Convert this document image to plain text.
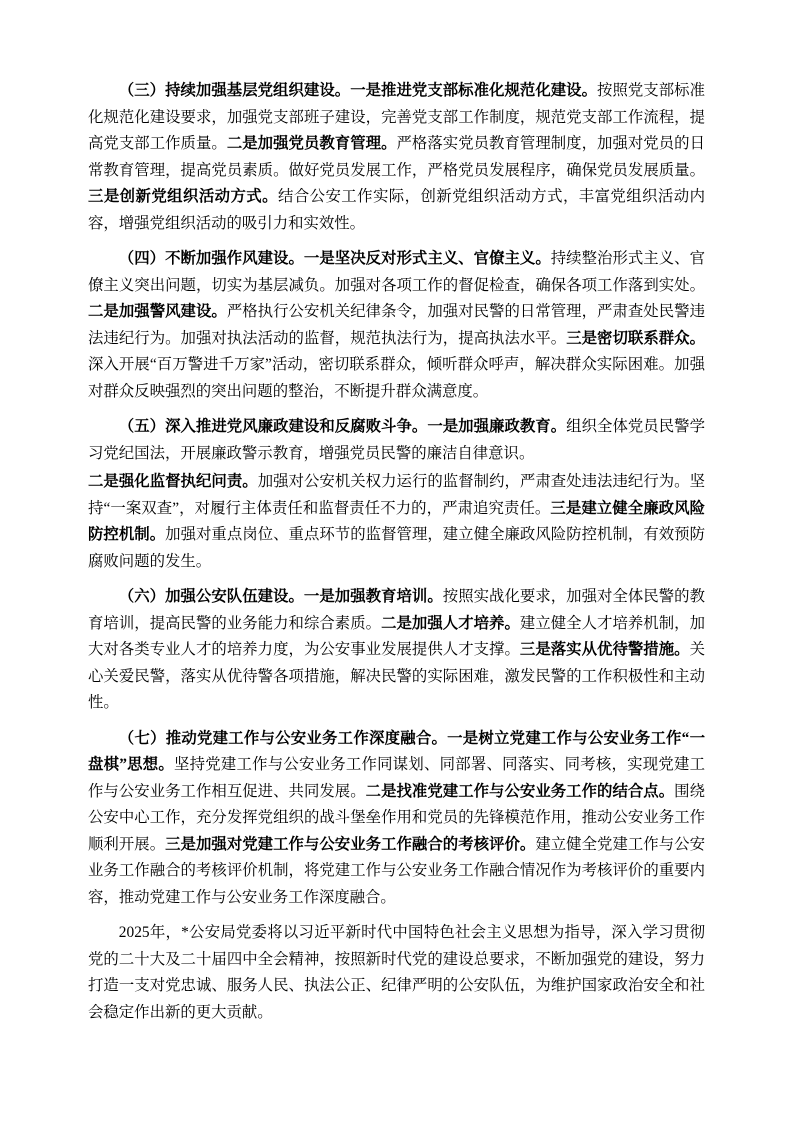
（三）持续加强基层党组织建设。一是推进党支部标准化规范化建设。按照党支部标准化规范化建设要求，加强党支部班子建设，完善党支部工作制度，规范党支部工作流程，提高党支部工作质量。二是加强党员教育管理。严格落实党员教育管理制度，加强对党员的日常教育管理，提高党员素质。做好党员发展工作，严格党员发展程序，确保党员发展质量。三是创新党组织活动方式。结合公安工作实际，创新党组织活动方式，丰富党组织活动内容，增强党组织活动的吸引力和实效性。

（四）不断加强作风建设。一是坚决反对形式主义、官僚主义。持续整治形式主义、官僚主义突出问题，切实为基层减负。加强对各项工作的督促检查，确保各项工作落到实处。二是加强警风建设。严格执行公安机关纪律条令，加强对民警的日常管理，严肃查处民警违法违纪行为。加强对执法活动的监督，规范执法行为，提高执法水平。三是密切联系群众。深入开展“百万警进千万家”活动，密切联系群众，倾听群众呼声，解决群众实际困难。加强对群众反映强烈的突出问题的整治，不断提升群众满意度。

（五）深入推进党风廉政建设和反腐败斗争。一是加强廉政教育。组织全体党员民警学习党纪国法，开展廉政警示教育，增强党员民警的廉洁自律意识。

二是强化监督执纪问责。加强对公安机关权力运行的监督制约，严肃查处违法违纪行为。坚持“一案双查”，对履行主体责任和监督责任不力的，严肃追究责任。三是建立健全廉政风险防控机制。加强对重点岗位、重点环节的监督管理，建立健全廉政风险防控机制，有效预防腐败问题的发生。

（六）加强公安队伍建设。一是加强教育培训。按照实战化要求，加强对全体民警的教育培训，提高民警的业务能力和综合素质。二是加强人才培养。建立健全人才培养机制，加大对各类专业人才的培养力度，为公安事业发展提供人才支撑。三是落实从优待警措施。关心关爱民警，落实从优待警各项措施，解决民警的实际困难，激发民警的工作积极性和主动性。

（七）推动党建工作与公安业务工作深度融合。一是树立党建工作与公安业务工作“一盘棋”思想。坚持党建工作与公安业务工作同谋划、同部署、同落实、同考核，实现党建工作与公安业务工作相互促进、共同发展。二是找准党建工作与公安业务工作的结合点。围绕公安中心工作，充分发挥党组织的战斗堡垒作用和党员的先锋模范作用，推动公安业务工作顺利开展。三是加强对党建工作与公安业务工作融合的考核评价。建立健全党建工作与公安业务工作融合的考核评价机制，将党建工作与公安业务工作融合情况作为考核评价的重要内容，推动党建工作与公安业务工作深度融合。

2025年，*公安局党委将以习近平新时代中国特色社会主义思想为指导，深入学习贯彻党的二十大及二十届四中全会精神，按照新时代党的建设总要求，不断加强党的建设，努力打造一支对党忠诚、服务人民、执法公正、纪律严明的公安队伍，为维护国家政治安全和社会稳定作出新的更大贡献。
